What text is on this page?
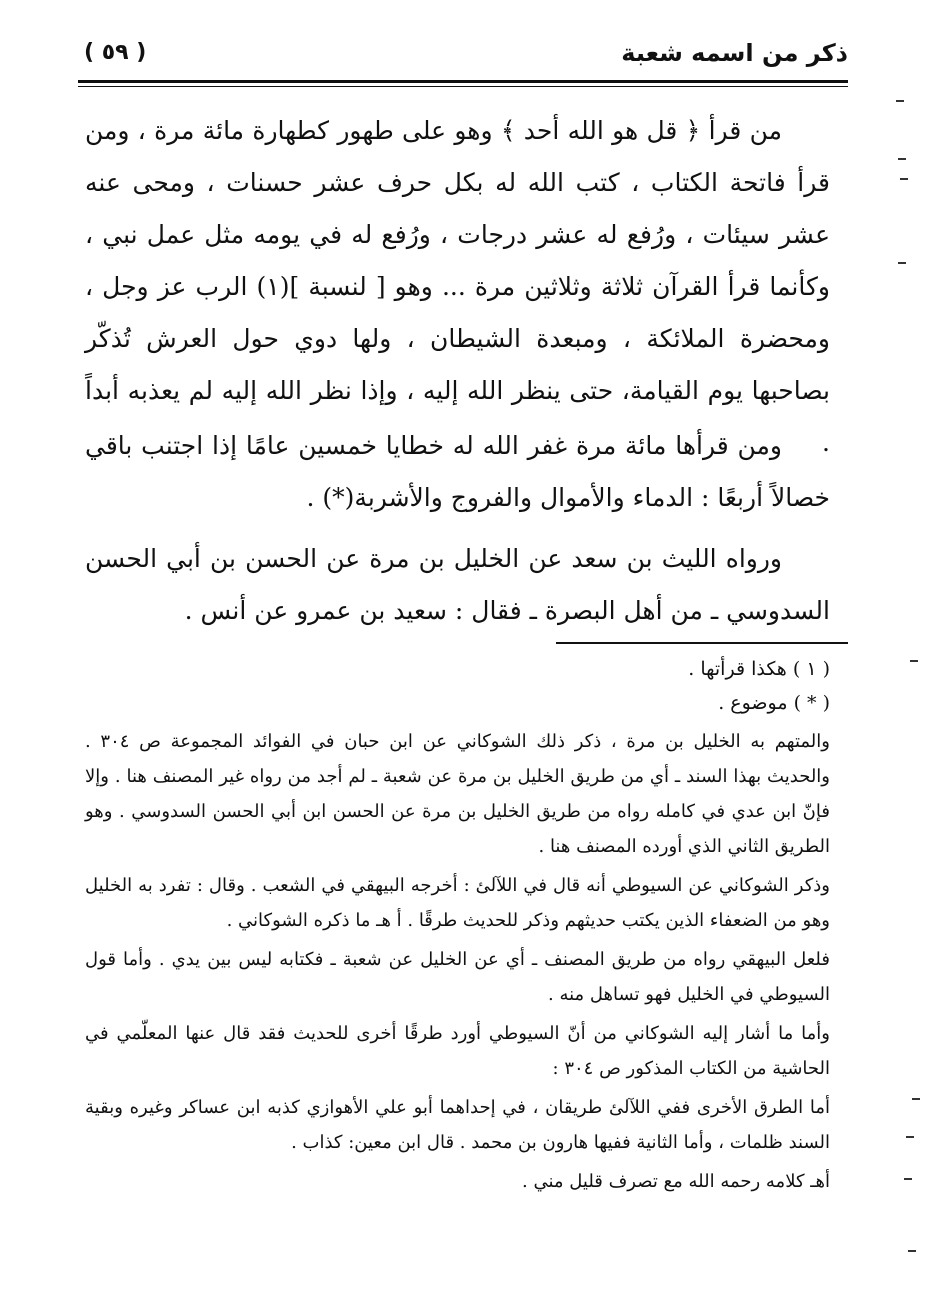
ذكر من اسمه شعبة
( ٥٩ )

من قرأ ﴿ قل هو الله أحد ﴾ وهو على طهور كطهارة مائة مرة ، ومن قرأ فاتحة الكتاب ، كتب الله له بكل حرف عشر حسنات ، ومحى عنه عشر سيئات ، ورُفع له عشر درجات ، ورُفع له في يومه مثل عمل نبي ، وكأنما قرأ القرآن ثلاثة وثلاثين مرة ... وهو [ لنسبة ](١) الرب عز وجل ، ومحضرة الملائكة ، ومبعدة الشيطان ، ولها دوي حول العرش تُذكّر بصاحبها يوم القيامة، حتى ينظر الله إليه ، وإذا نظر الله إليه لم يعذبه أبداً .

ومن قرأها مائة مرة غفر الله له خطايا خمسين عامًا إذا اجتنب باقي خصالاً أربعًا : الدماء والأموال والفروج والأشربة(*) .

ورواه الليث بن سعد عن الخليل بن مرة عن الحسن بن أبي الحسن السدوسي ـ من أهل البصرة ـ فقال : سعيد بن عمرو عن أنس .

( ١ ) هكذا قرأتها .

( * ) موضوع .

والمتهم به الخليل بن مرة ، ذكر ذلك الشوكاني عن ابن حبان في الفوائد المجموعة ص ٣٠٤ . والحديث بهذا السند ـ أي من طريق الخليل بن مرة عن شعبة ـ لم أجد من رواه غير المصنف هنا . وإلا فإنّ ابن عدي في كامله رواه من طريق الخليل بن مرة عن الحسن ابن أبي الحسن السدوسي . وهو الطريق الثاني الذي أورده المصنف هنا .

وذكر الشوكاني عن السيوطي أنه قال في اللآلئ : أخرجه البيهقي في الشعب . وقال : تفرد به الخليل وهو من الضعفاء الذين يكتب حديثهم وذكر للحديث طرقًا . أ هـ ما ذكره الشوكاني .

فلعل البيهقي رواه من طريق المصنف ـ أي عن الخليل عن شعبة ـ فكتابه ليس بين يدي . وأما قول السيوطي في الخليل فهو تساهل منه .

وأما ما أشار إليه الشوكاني من أنّ السيوطي أورد طرقًا أخرى للحديث فقد قال عنها المعلّمي في الحاشية من الكتاب المذكور ص ٣٠٤ :

أما الطرق الأخرى ففي اللآلئ طريقان ، في إحداهما أبو علي الأهوازي كذبه ابن عساكر وغيره وبقية السند ظلمات ، وأما الثانية ففيها هارون بن محمد . قال ابن معين: كذاب .

أهـ كلامه رحمه الله مع تصرف قليل مني .
